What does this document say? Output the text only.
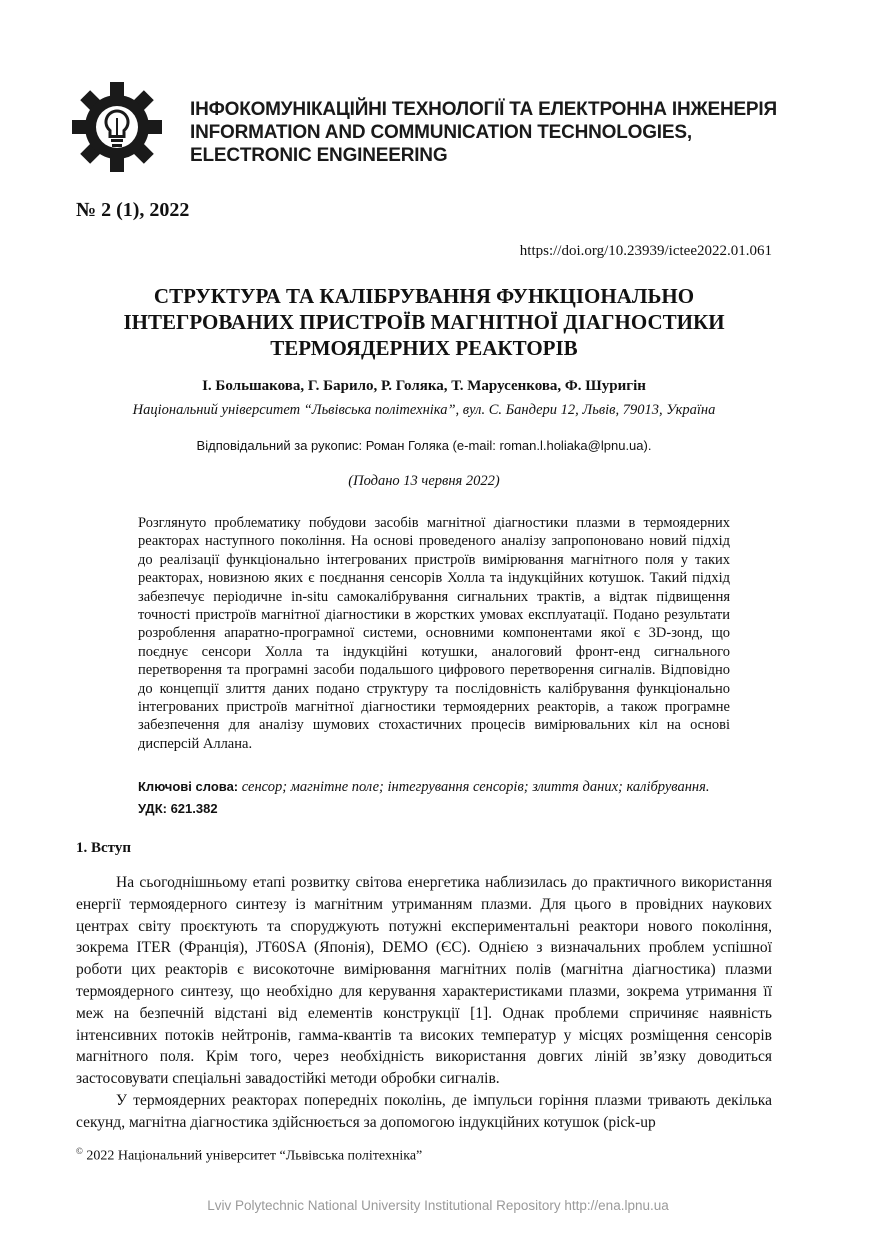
ІНФОКОМУНІКАЦІЙНІ ТЕХНОЛОГІЇ ТА ЕЛЕКТРОННА ІНЖЕНЕРІЯ
INFORMATION AND COMMUNICATION TECHNOLOGIES,
ELECTRONIC ENGINEERING
№ 2 (1), 2022
https://doi.org/10.23939/ictee2022.01.061
СТРУКТУРА ТА КАЛІБРУВАННЯ ФУНКЦІОНАЛЬНО
ІНТЕГРОВАНИХ ПРИСТРОЇВ МАГНІТНОЇ ДІАГНОСТИКИ
ТЕРМОЯДЕРНИХ РЕАКТОРІВ
І. Большакова, Г. Барило, Р. Голяка, Т. Марусенкова, Ф. Шуригін
Національний університет “Львівська політехніка”, вул. С. Бандери 12, Львів, 79013, Україна
Відповідальний за рукопис: Роман Голяка (e-mail: roman.l.holiaka@lpnu.ua).
(Подано 13 червня 2022)
Розглянуто проблематику побудови засобів магнітної діагностики плазми в термоядерних реакторах наступного покоління. На основі проведеного аналізу запропоновано новий підхід до реалізації функціонально інтегрованих пристроїв вимірювання магнітного поля у таких реакторах, новизною яких є поєднання сенсорів Холла та індукційних котушок. Такий підхід забезпечує періодичне in-situ самокалібрування сигнальних трактів, а відтак підвищення точності пристроїв магнітної діагностики в жорстких умовах експлуатації. Подано результати розроблення апаратно-програмної системи, основними компонентами якої є 3D-зонд, що поєднує сенсори Холла та індукційні котушки, аналоговий фронт-енд сигнального перетворення та програмні засоби подальшого цифрового перетворення сигналів. Відповідно до концепції злиття даних подано структуру та послідовність калібрування функціонально інтегрованих пристроїв магнітної діагностики термоядерних реакторів, а також програмне забезпечення для аналізу шумових стохастичних процесів вимірювальних кіл на основі дисперсій Аллана.
Ключові слова: сенсор; магнітне поле; інтегрування сенсорів; злиття даних; калібрування.
УДК: 621.382
1. Вступ

На сьогоднішньому етапі розвитку світова енергетика наблизилась до практичного використання енергії термоядерного синтезу із магнітним утриманням плазми. Для цього в провідних наукових центрах світу проєктують та споруджують потужні експериментальні реактори нового покоління, зокрема ITER (Франція), JT60SA (Японія), DEMO (ЄС). Однією з визначальних проблем успішної роботи цих реакторів є високоточне вимірювання магнітних полів (магнітна діагностика) плазми термоядерного синтезу, що необхідно для керування характеристиками плазми, зокрема утримання її меж на безпечній відстані від елементів конструкції [1]. Однак проблеми спричиняє наявність інтенсивних потоків нейтронів, гамма-квантів та високих температур у місцях розміщення сенсорів магнітного поля. Крім того, через необхідність використання довгих ліній зв’язку доводиться застосовувати спеціальні завадостійкі методи обробки сигналів.

У термоядерних реакторах попередніх поколінь, де імпульси горіння плазми тривають декілька секунд, магнітна діагностика здійснюється за допомогою індукційних котушок (pick-up

© 2022 Національний університет “Львівська політехніка”
Lviv Polytechnic National University Institutional Repository http://ena.lpnu.ua
